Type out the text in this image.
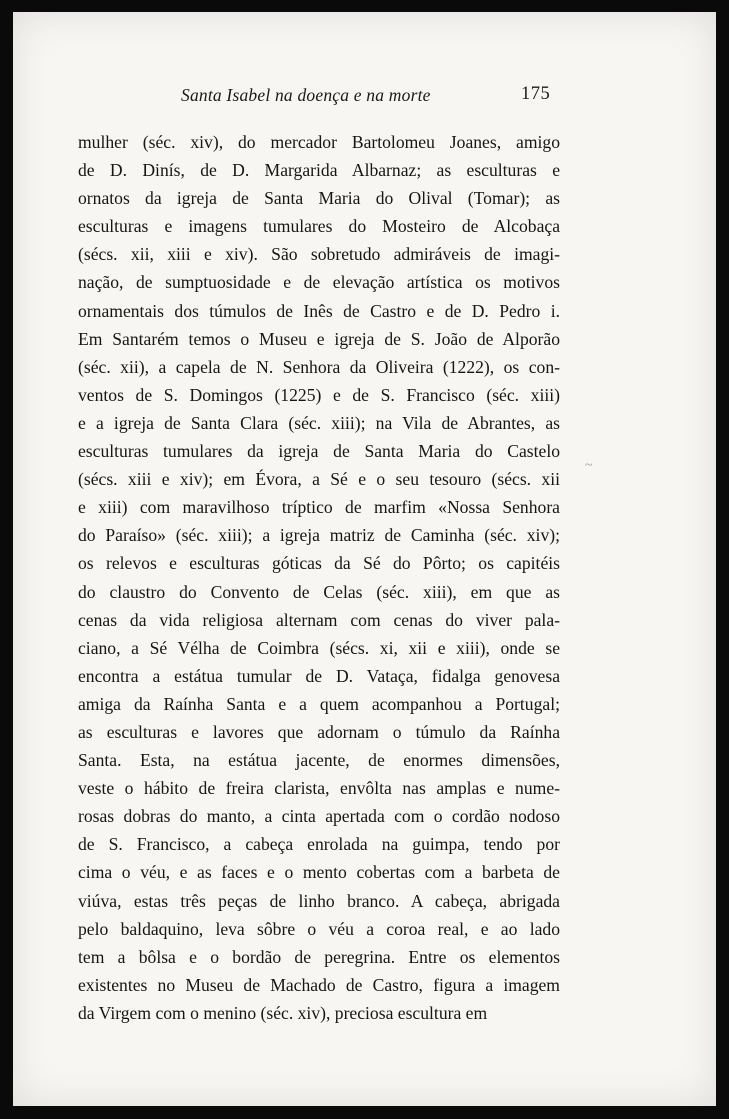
Santa Isabel na doença e na morte	175
mulher (séc. xiv), do mercador Bartolomeu Joanes, amigo
de D. Dinís, de D. Margarida Albarnaz; as esculturas e
ornatos da igreja de Santa Maria do Olival (Tomar); as
esculturas e imagens tumulares do Mosteiro de Alcobaça
(sécs. xii, xiii e xiv). São sobretudo admiráveis de imagi-
nação, de sumptuosidade e de elevação artística os motivos
ornamentais dos túmulos de Inês de Castro e de D. Pedro i.
Em Santarém temos o Museu e igreja de S. João de Alporão
(séc. xii), a capela de N. Senhora da Oliveira (1222), os con-
ventos de S. Domingos (1225) e de S. Francisco (séc. xiii)
e a igreja de Santa Clara (séc. xiii); na Vila de Abrantes, as
esculturas tumulares da igreja de Santa Maria do Castelo
(sécs. xiii e xiv); em Évora, a Sé e o seu tesouro (sécs. xii
e xiii) com maravilhoso tríptico de marfim «Nossa Senhora
do Paraíso» (séc. xiii); a igreja matriz de Caminha (séc. xiv);
os relevos e esculturas góticas da Sé do Pôrto; os capitéis
do claustro do Convento de Celas (séc. xiii), em que as
cenas da vida religiosa alternam com cenas do viver pala-
ciano, a Sé Vélha de Coimbra (sécs. xi, xii e xiii), onde se
encontra a estátua tumular de D. Vataça, fidalga genovesa
amiga da Raínha Santa e a quem acompanhou a Portugal;
as esculturas e lavores que adornam o túmulo da Raínha
Santa. Esta, na estátua jacente, de enormes dimensões,
veste o hábito de freira clarista, envôlta nas amplas e nume-
rosas dobras do manto, a cinta apertada com o cordão nodoso
de S. Francisco, a cabeça enrolada na guimpa, tendo por
cima o véu, e as faces e o mento cobertas com a barbeta de
viúva, estas três peças de linho branco. A cabeça, abrigada
pelo baldaquino, leva sôbre o véu a coroa real, e ao lado
tem a bôlsa e o bordão de peregrina. Entre os elementos
existentes no Museu de Machado de Castro, figura a imagem
da Virgem com o menino (séc. xiv), preciosa escultura em
~
